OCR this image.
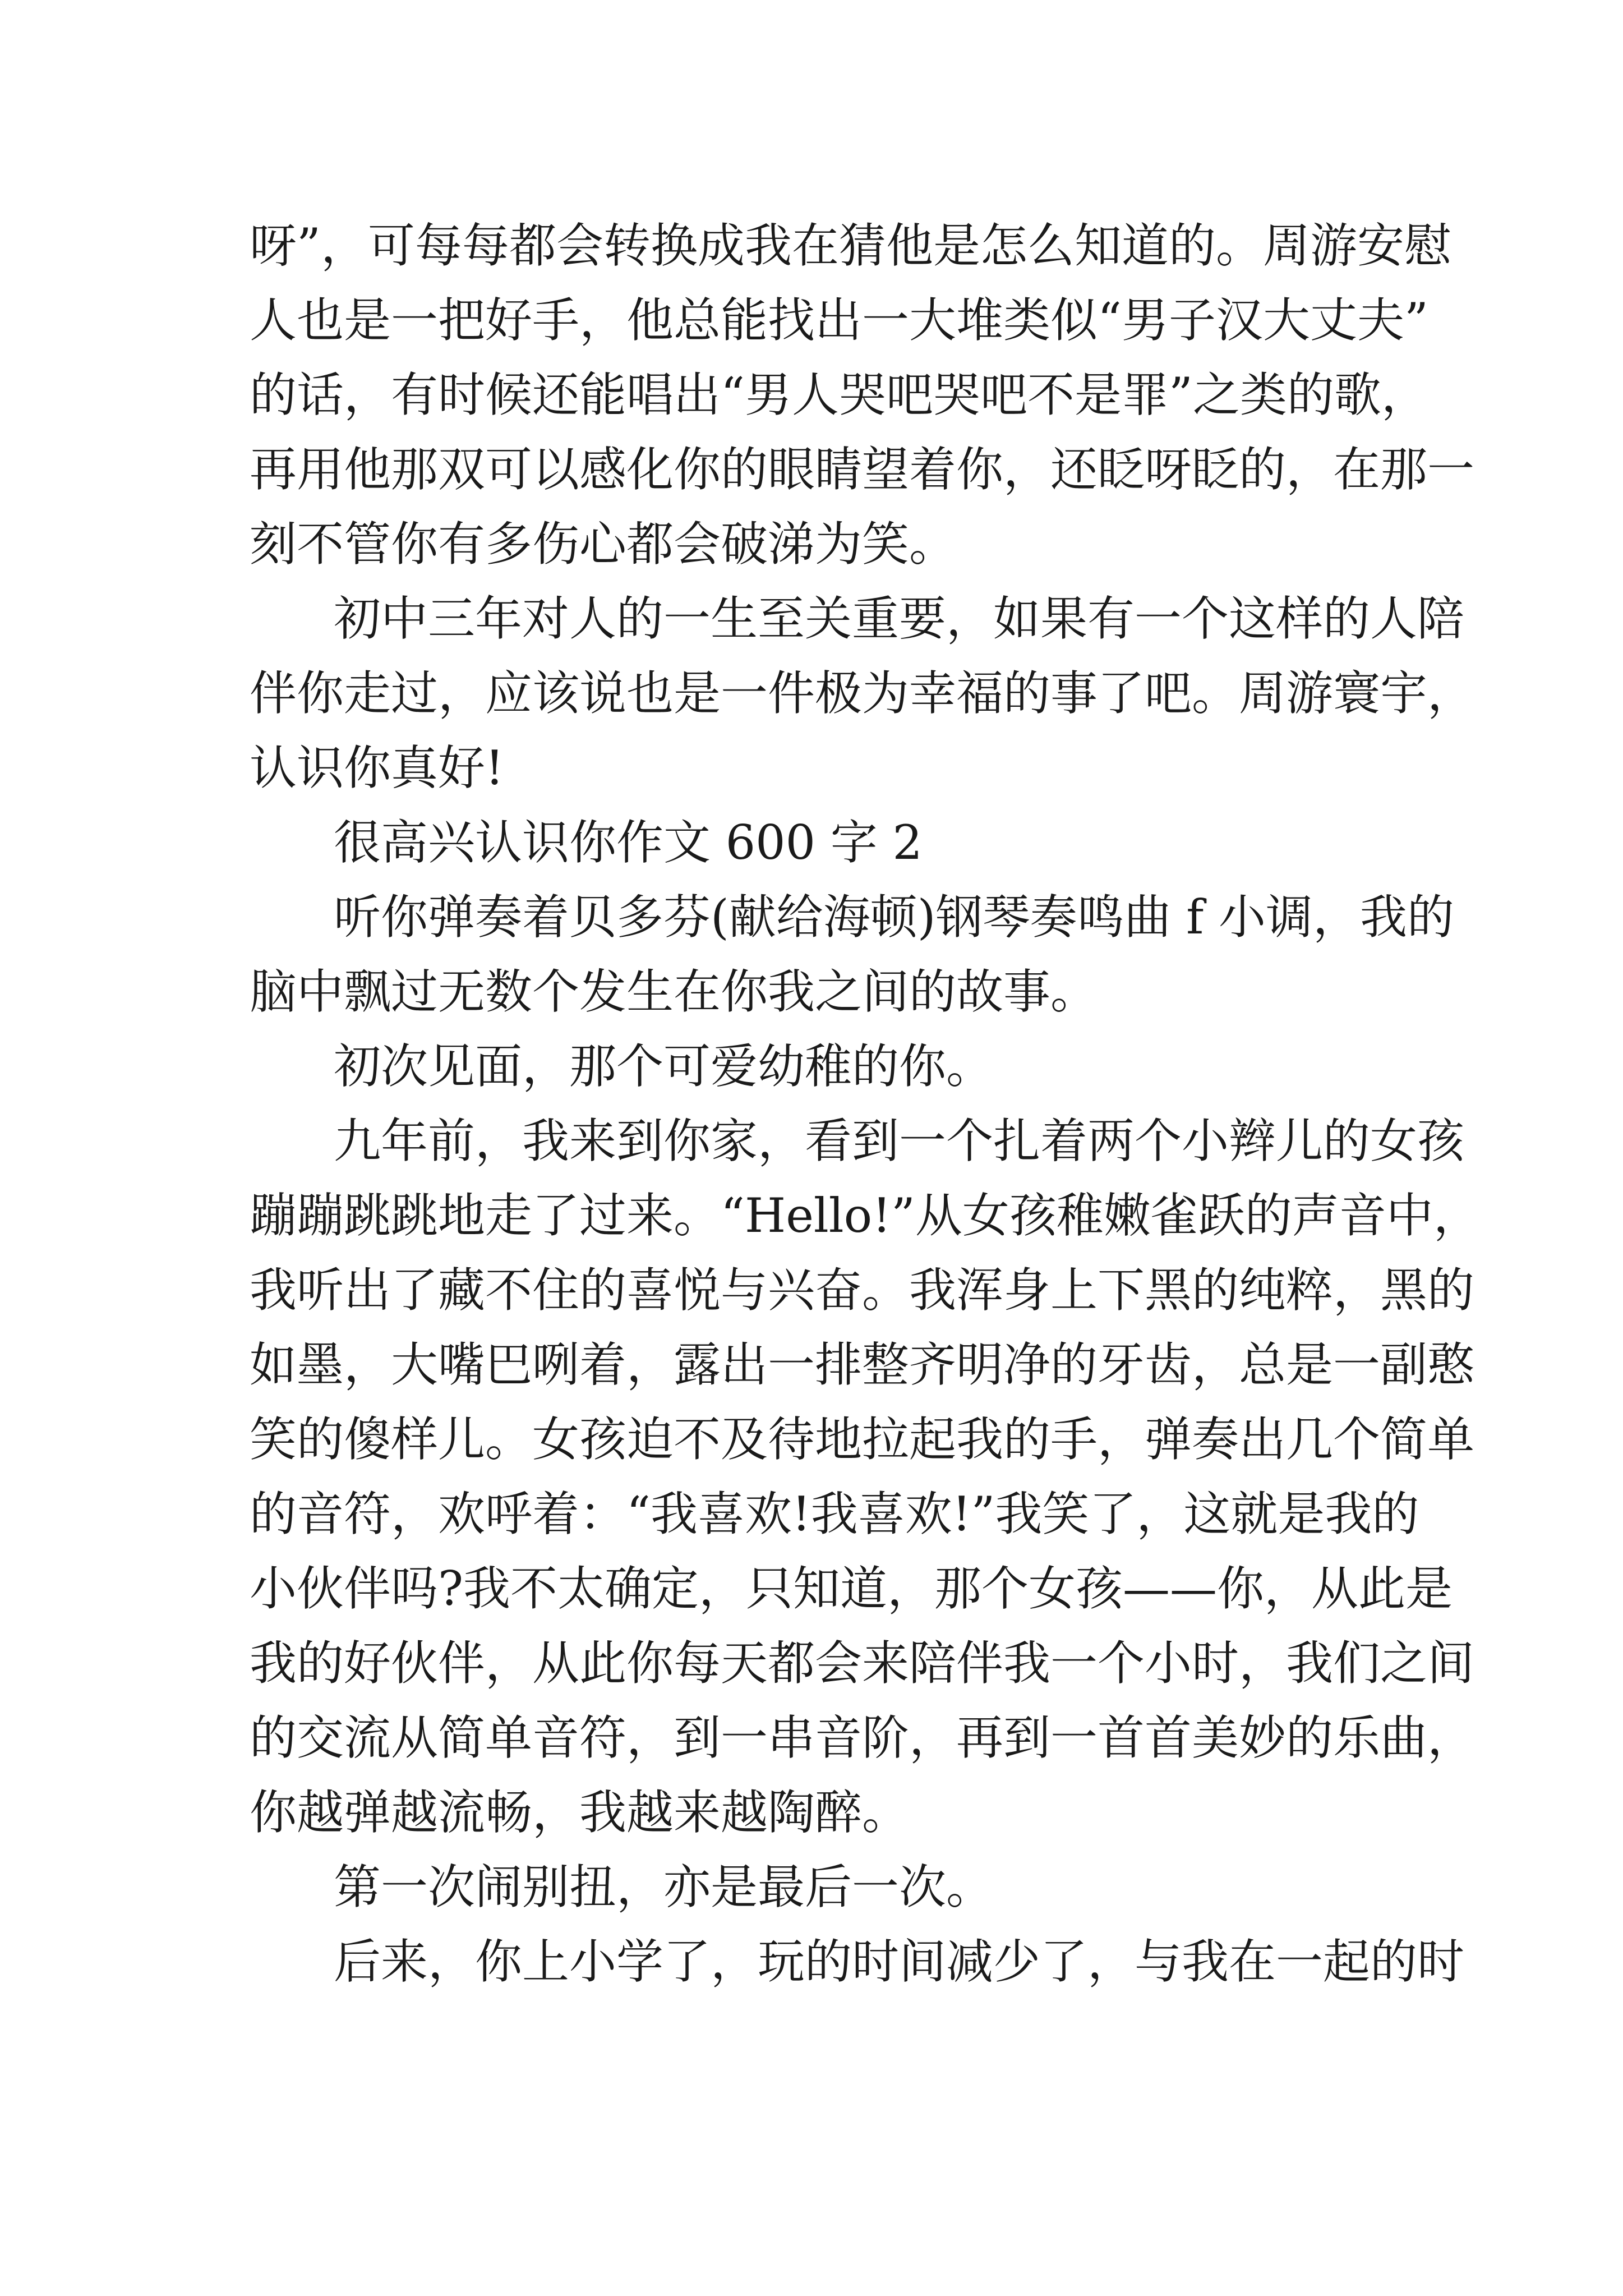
呀”，可每每都会转换成我在猜他是怎么知道的。周游安慰
人也是一把好手，他总能找出一大堆类似“男子汉大丈夫”
的话，有时候还能唱出“男人哭吧哭吧不是罪”之类的歌，
再用他那双可以感化你的眼睛望着你，还眨呀眨的，在那一
刻不管你有多伤心都会破涕为笑。
初中三年对人的一生至关重要，如果有一个这样的人陪
伴你走过，应该说也是一件极为幸福的事了吧。周游寰宇，
认识你真好!
很高兴认识你作文 600 字 2
听你弹奏着贝多芬(献给海顿)钢琴奏鸣曲 f 小调，我的
脑中飘过无数个发生在你我之间的故事。
初次见面，那个可爱幼稚的你。
九年前，我来到你家，看到一个扎着两个小辫儿的女孩
蹦蹦跳跳地走了过来。“Hello!”从女孩稚嫩雀跃的声音中，
我听出了藏不住的喜悦与兴奋。我浑身上下黑的纯粹，黑的
如墨，大嘴巴咧着，露出一排整齐明净的牙齿，总是一副憨
笑的傻样儿。女孩迫不及待地拉起我的手，弹奏出几个简单
的音符，欢呼着：“我喜欢!我喜欢!”我笑了，这就是我的
小伙伴吗?我不太确定，只知道，那个女孩——你，从此是
我的好伙伴，从此你每天都会来陪伴我一个小时，我们之间
的交流从简单音符，到一串音阶，再到一首首美妙的乐曲，
你越弹越流畅，我越来越陶醉。
第一次闹别扭，亦是最后一次。
后来，你上小学了，玩的时间减少了，与我在一起的时
